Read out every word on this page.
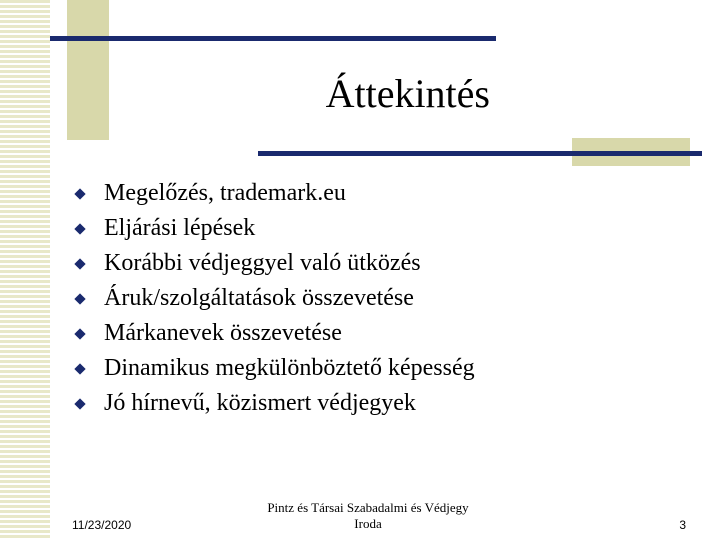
Áttekintés
Megelőzés, trademark.eu
Eljárási lépések
Korábbi védjeggyel való ütközés
Áruk/szolgáltatások összevetése
Márkanevek összevetése
Dinamikus megkülönböztető képesség
Jó hírnevű, közismert védjegyek
11/23/2020
Pintz és Társai Szabadalmi és Védjegy
Iroda	3
